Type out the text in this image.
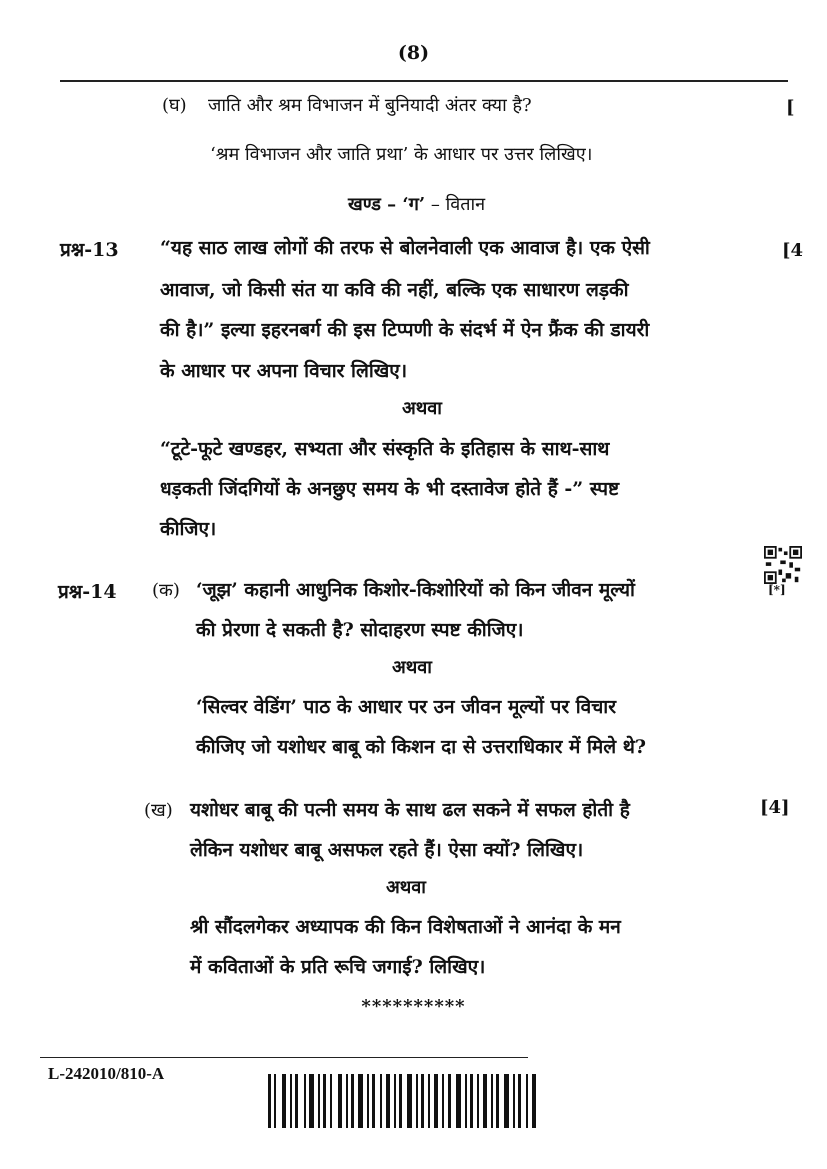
(8)
(घ) जाति और श्रम विभाजन में बुनियादी अंतर क्या है?	[
‘श्रम विभाजन और जाति प्रथा’ के आधार पर उत्तर लिखिए।
खण्ड – ‘ग’ – वितान
प्रश्न-13	[4
“यह साठ लाख लोगों की तरफ से बोलनेवाली एक आवाज है। एक ऐसी
आवाज, जो किसी संत या कवि की नहीं, बल्कि एक साधारण लड़की
की है।” इल्या इहरनबर्ग की इस टिप्पणी के संदर्भ में ऐन फ्रैंक की डायरी
के आधार पर अपना विचार लिखिए।
अथवा
“टूटे-फूटे खण्डहर, सभ्यता और संस्कृति के इतिहास के साथ-साथ
धड़कती जिंदगियों के अनछुए समय के भी दस्तावेज होते हैं -” स्पष्ट
कीजिए।
[*]
प्रश्न-14 (क) ‘जूझ’ कहानी आधुनिक किशोर-किशोरियों को किन जीवन मूल्यों
की प्रेरणा दे सकती है? सोदाहरण स्पष्ट कीजिए।
अथवा
‘सिल्वर वेडिंग’ पाठ के आधार पर उन जीवन मूल्यों पर विचार
कीजिए जो यशोधर बाबू को किशन दा से उत्तराधिकार में मिले थे?
(ख)	[4]
यशोधर बाबू की पत्नी समय के साथ ढल सकने में सफल होती है
लेकिन यशोधर बाबू असफल रहते हैं। ऐसा क्यों? लिखिए।
अथवा
श्री सौंदलगेकर अध्यापक की किन विशेषताओं ने आनंदा के मन
में कविताओं के प्रति रूचि जगाई? लिखिए।
**********
L-242010/810-A
